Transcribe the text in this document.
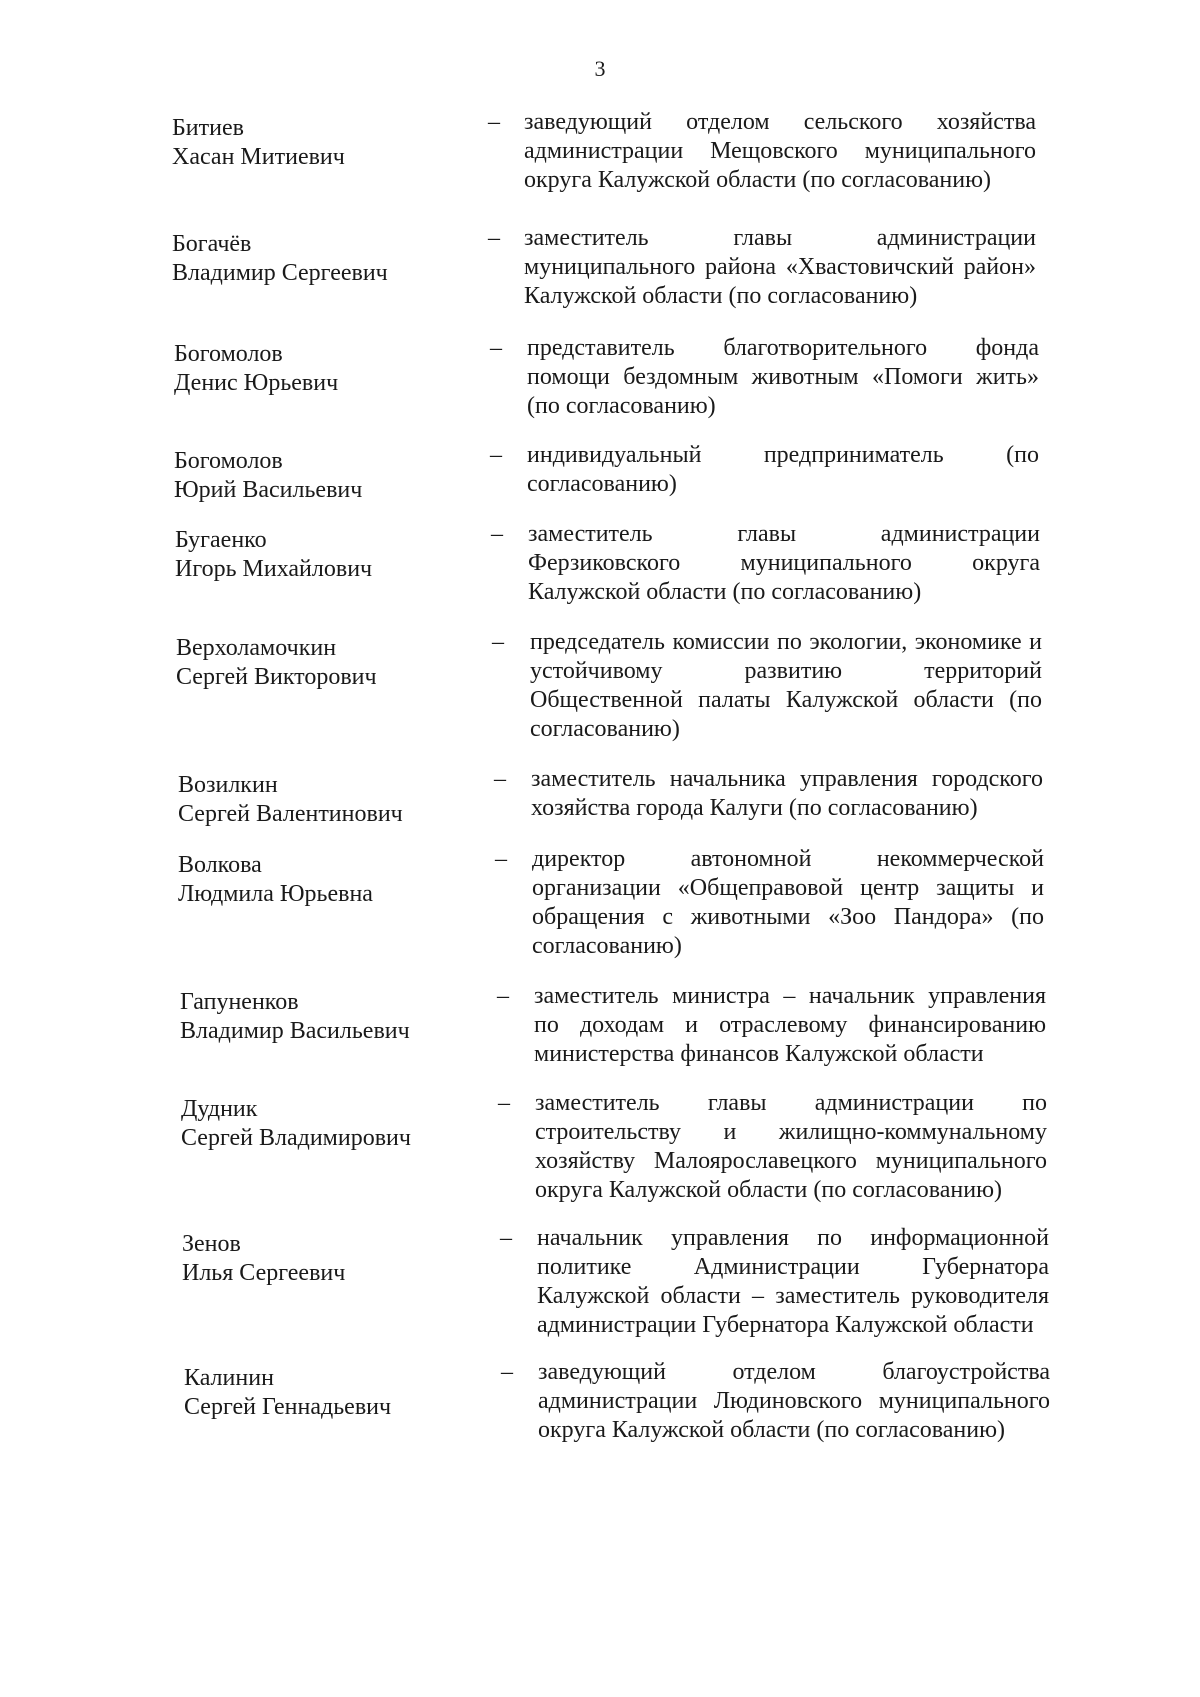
3
Битиев
Хасан Митиевич
– заведующий отделом сельского хозяйства администрации Мещовского муниципального округа Калужской области (по согласованию)
Богачёв
Владимир Сергеевич
– заместитель главы администрации муниципального района «Хвастовичский район» Калужской области (по согласованию)
Богомолов
Денис Юрьевич
– представитель благотворительного фонда помощи бездомным животным «Помоги жить» (по согласованию)
Богомолов
Юрий Васильевич
– индивидуальный предприниматель (по согласованию)
Бугаенко
Игорь Михайлович
– заместитель главы администрации Ферзиковского муниципального округа Калужской области (по согласованию)
Верхоламочкин
Сергей Викторович
– председатель комиссии по экологии, экономике и устойчивому развитию территорий Общественной палаты Калужской области (по согласованию)
Возилкин
Сергей Валентинович
– заместитель начальника управления городского хозяйства города Калуги (по согласованию)
Волкова
Людмила Юрьевна
– директор автономной некоммерческой организации «Общеправовой центр защиты и обращения с животными «Зоо Пандора» (по согласованию)
Гапуненков
Владимир Васильевич
– заместитель министра – начальник управления по доходам и отраслевому финансированию министерства финансов Калужской области
Дудник
Сергей Владимирович
– заместитель главы администрации по строительству и жилищно-коммунальному хозяйству Малоярославецкого муниципального округа Калужской области (по согласованию)
Зенов
Илья Сергеевич
– начальник управления по информационной политике Администрации Губернатора Калужской области – заместитель руководителя администрации Губернатора Калужской области
Калинин
Сергей Геннадьевич
– заведующий отделом благоустройства администрации Людиновского муниципального округа Калужской области (по согласованию)
